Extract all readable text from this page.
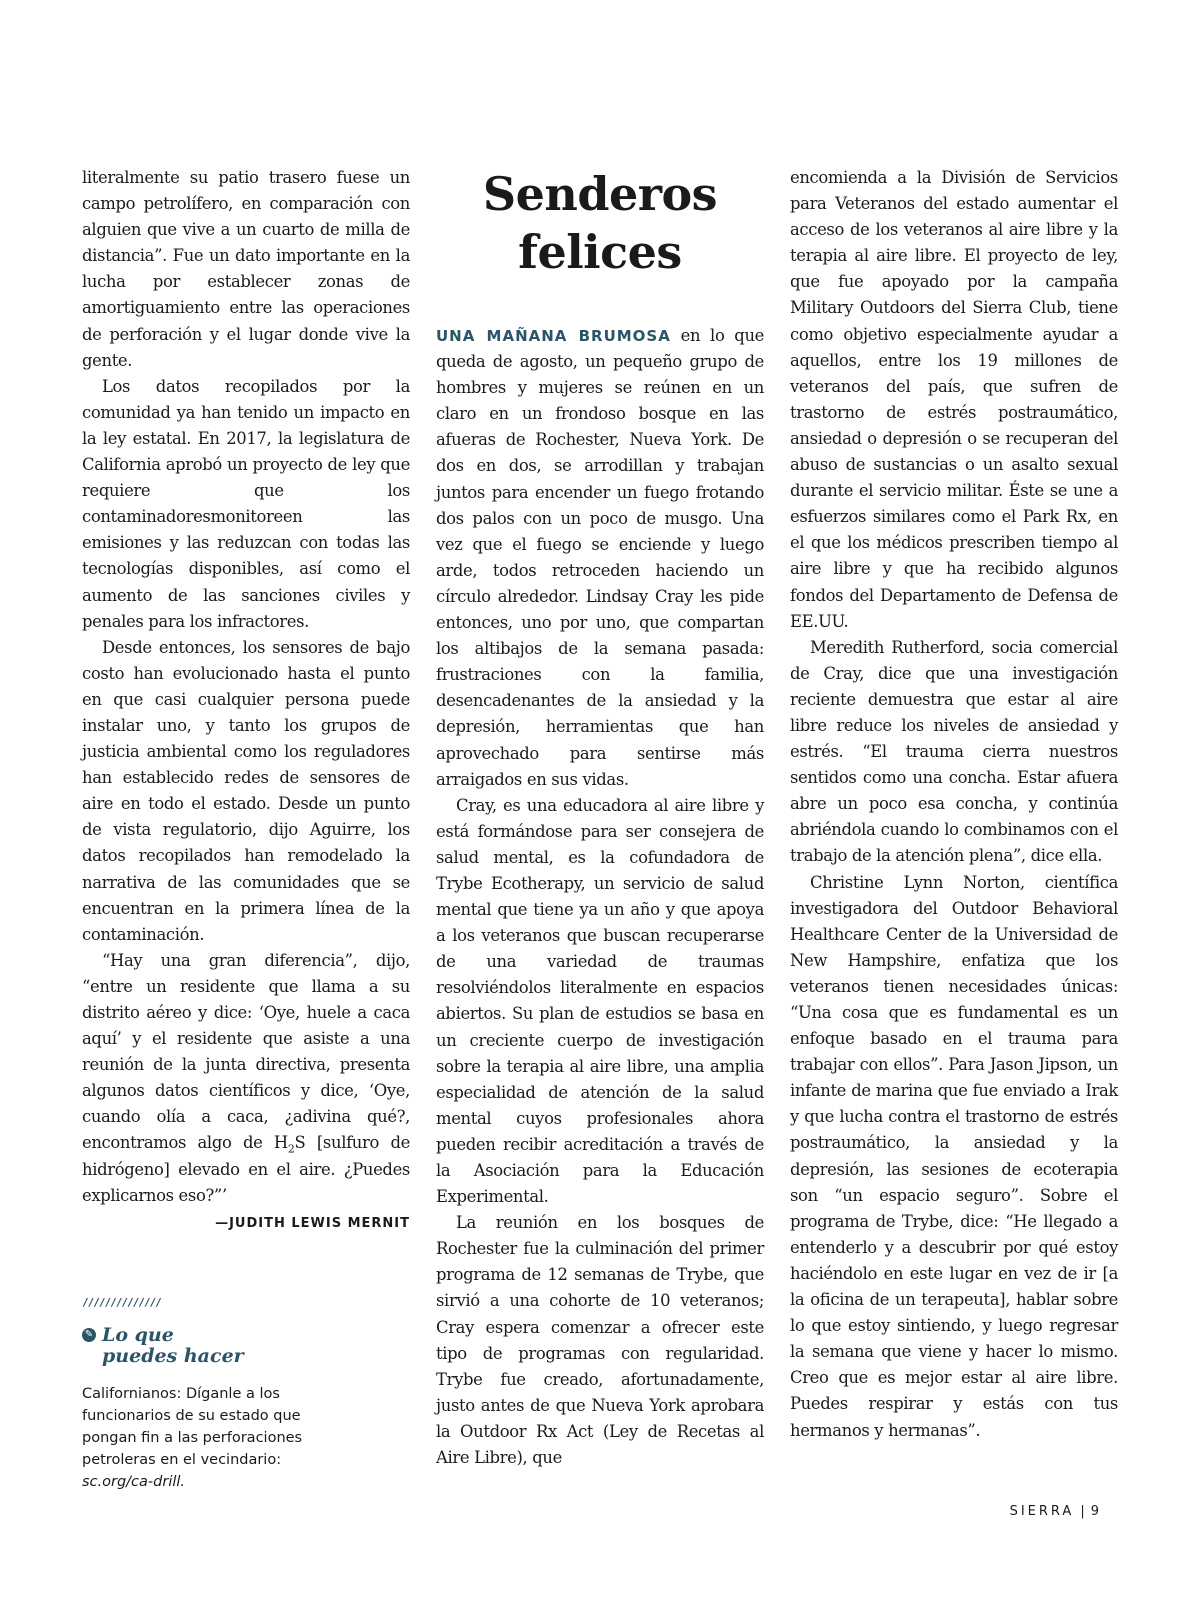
literalmente su patio trasero fuese un campo petrolífero, en comparación con alguien que vive a un cuarto de milla de distancia”. Fue un dato importante en la lucha por establecer zonas de amortiguamiento entre las operaciones de perforación y el lugar donde vive la gente.

Los datos recopilados por la comunidad ya han tenido un impacto en la ley estatal. En 2017, la legislatura de California aprobó un proyecto de ley que requiere que los contaminadoresmonitoreen las emisiones y las reduzcan con todas las tecnologías disponibles, así como el aumento de las sanciones civiles y penales para los infractores.

Desde entonces, los sensores de bajo costo han evolucionado hasta el punto en que casi cualquier persona puede instalar uno, y tanto los grupos de justicia ambiental como los reguladores han establecido redes de sensores de aire en todo el estado. Desde un punto de vista regulatorio, dijo Aguirre, los datos recopilados han remodelado la narrativa de las comunidades que se encuentran en la primera línea de la contaminación.

“Hay una gran diferencia”, dijo, “entre un residente que llama a su distrito aéreo y dice: ‘Oye, huele a caca aquí’ y el residente que asiste a una reunión de la junta directiva, presenta algunos datos científicos y dice, ‘Oye, cuando olía a caca, ¿adivina qué?, encontramos algo de $H_2S$ [sulfuro de hidrógeno] elevado en el aire. ¿Puedes explicarnos eso?”’

—JUDITH LEWIS MERNIT

//////////////
✎ Lo que
puedes hacer
Californianos: Díganle a los funcionarios de su estado que pongan fin a las perforaciones petroleras en el vecindario: sc.org/ca-drill.
Senderos
felices

UNA MAÑANA BRUMOSA en lo que queda de agosto, un pequeño grupo de hombres y mujeres se reúnen en un claro en un frondoso bosque en las afueras de Rochester, Nueva York. De dos en dos, se arrodillan y trabajan juntos para encender un fuego frotando dos palos con un poco de musgo. Una vez que el fuego se enciende y luego arde, todos retroceden haciendo un círculo alrededor. Lindsay Cray les pide entonces, uno por uno, que compartan los altibajos de la semana pasada: frustraciones con la familia, desencadenantes de la ansiedad y la depresión, herramientas que han aprovechado para sentirse más arraigados en sus vidas.

Cray, es una educadora al aire libre y está formándose para ser consejera de salud mental, es la cofundadora de Trybe Ecotherapy, un servicio de salud mental que tiene ya un año y que apoya a los veteranos que buscan recuperarse de una variedad de traumas resolviéndolos literalmente en espacios abiertos. Su plan de estudios se basa en un creciente cuerpo de investigación sobre la terapia al aire libre, una amplia especialidad de atención de la salud mental cuyos profesionales ahora pueden recibir acreditación a través de la Asociación para la Educación Experimental.

La reunión en los bosques de Rochester fue la culminación del primer programa de 12 semanas de Trybe, que sirvió a una cohorte de 10 veteranos; Cray espera comenzar a ofrecer este tipo de programas con regularidad. Trybe fue creado, afortunadamente, justo antes de que Nueva York aprobara la Outdoor Rx Act (Ley de Recetas al Aire Libre), que

encomienda a la División de Servicios para Veteranos del estado aumentar el acceso de los veteranos al aire libre y la terapia al aire libre. El proyecto de ley, que fue apoyado por la campaña Military Outdoors del Sierra Club, tiene como objetivo especialmente ayudar a aquellos, entre los 19 millones de veteranos del país, que sufren de trastorno de estrés postraumático, ansiedad o depresión o se recuperan del abuso de sustancias o un asalto sexual durante el servicio militar. Éste se une a esfuerzos similares como el Park Rx, en el que los médicos prescriben tiempo al aire libre y que ha recibido algunos fondos del Departamento de Defensa de EE.UU.

Meredith Rutherford, socia comercial de Cray, dice que una investigación reciente demuestra que estar al aire libre reduce los niveles de ansiedad y estrés. “El trauma cierra nuestros sentidos como una concha. Estar afuera abre un poco esa concha, y continúa abriéndola cuando lo combinamos con el trabajo de la atención plena”, dice ella.

Christine Lynn Norton, científica investigadora del Outdoor Behavioral Healthcare Center de la Universidad de New Hampshire, enfatiza que los veteranos tienen necesidades únicas: “Una cosa que es fundamental es un enfoque basado en el trauma para trabajar con ellos”. Para Jason Jipson, un infante de marina que fue enviado a Irak y que lucha contra el trastorno de estrés postraumático, la ansiedad y la depresión, las sesiones de ecoterapia son “un espacio seguro”. Sobre el programa de Trybe, dice: “He llegado a entenderlo y a descubrir por qué estoy haciéndolo en este lugar en vez de ir [a la oficina de un terapeuta], hablar sobre lo que estoy sintiendo, y luego regresar la semana que viene y hacer lo mismo. Creo que es mejor estar al aire libre. Puedes respirar y estás con tus hermanos y hermanas”.

SIERRA | 9
